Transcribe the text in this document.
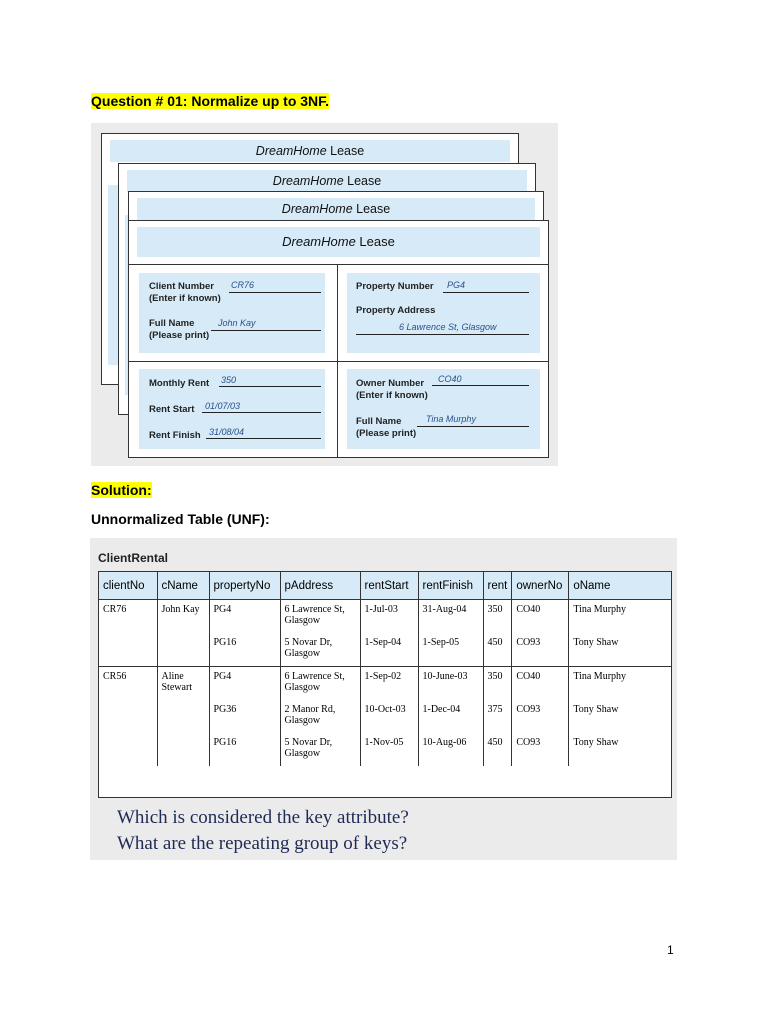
Question # 01: Normalize up to 3NF.
DreamHome Lease
DreamHome Lease
DreamHome Lease
DreamHome Lease
Client Number
(Enter if known)
CR76
Full Name
(Please print)
John Kay
Property Number PG4
Property Address
6 Lawrence St, Glasgow
Monthly Rent 350
Rent Start 01/07/03
Rent Finish 31/08/04
Owner Number
(Enter if known)
CO40
Full Name
(Please print)
Tina Murphy
Solution:
Unnormalized Table (UNF):
ClientRental
clientNo	cName	propertyNo	pAddress	rentStart	rentFinish	rent	ownerNo	oName
CR76	John Kay	PG4	6 Lawrence St, Glasgow	1-Jul-03	31-Aug-04	350	CO40	Tina Murphy
		PG16	5 Novar Dr, Glasgow	1-Sep-04	1-Sep-05	450	CO93	Tony Shaw
CR56	Aline Stewart	PG4	6 Lawrence St, Glasgow	1-Sep-02	10-June-03	350	CO40	Tina Murphy
		PG36	2 Manor Rd, Glasgow	10-Oct-03	1-Dec-04	375	CO93	Tony Shaw
		PG16	5 Novar Dr, Glasgow	1-Nov-05	10-Aug-06	450	CO93	Tony Shaw
Which is considered the key attribute?
What are the repeating group of keys?
1
